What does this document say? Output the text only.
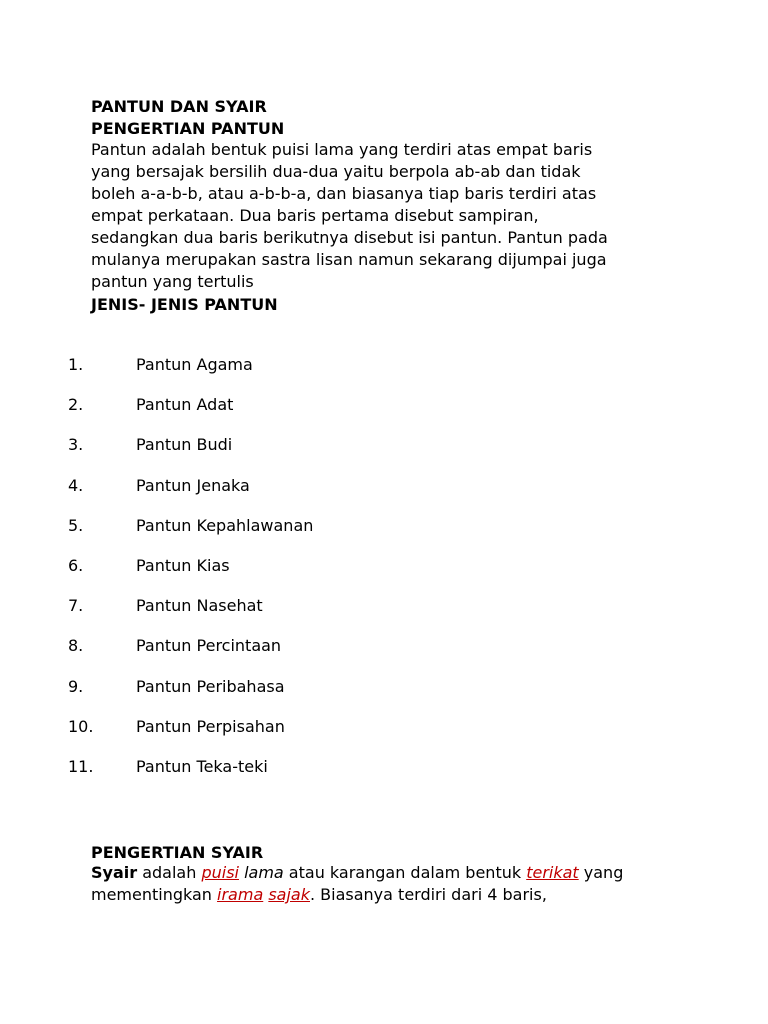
PANTUN DAN SYAIR

PENGERTIAN PANTUN

Pantun adalah bentuk puisi lama yang terdiri atas empat baris

yang bersajak bersilih dua-dua yaitu berpola ab-ab dan tidak

boleh a-a-b-b, atau a-b-b-a, dan biasanya tiap baris terdiri atas

empat perkataan. Dua baris pertama disebut sampiran,

sedangkan dua baris berikutnya disebut isi pantun. Pantun pada

mulanya merupakan sastra lisan namun sekarang dijumpai juga

pantun yang tertulis

JENIS- JENIS PANTUN

1.	Pantun Agama
2.	Pantun Adat
3.	Pantun Budi
4.	Pantun Jenaka
5.	Pantun Kepahlawanan
6.	Pantun Kias
7.	Pantun Nasehat
8.	Pantun Percintaan
9.	Pantun Peribahasa
10.	Pantun Perpisahan
11.	Pantun Teka-teki

PENGERTIAN SYAIR

Syair adalah puisi lama atau karangan dalam bentuk terikat yang

mementingkan irama sajak. Biasanya terdiri dari 4 baris,
